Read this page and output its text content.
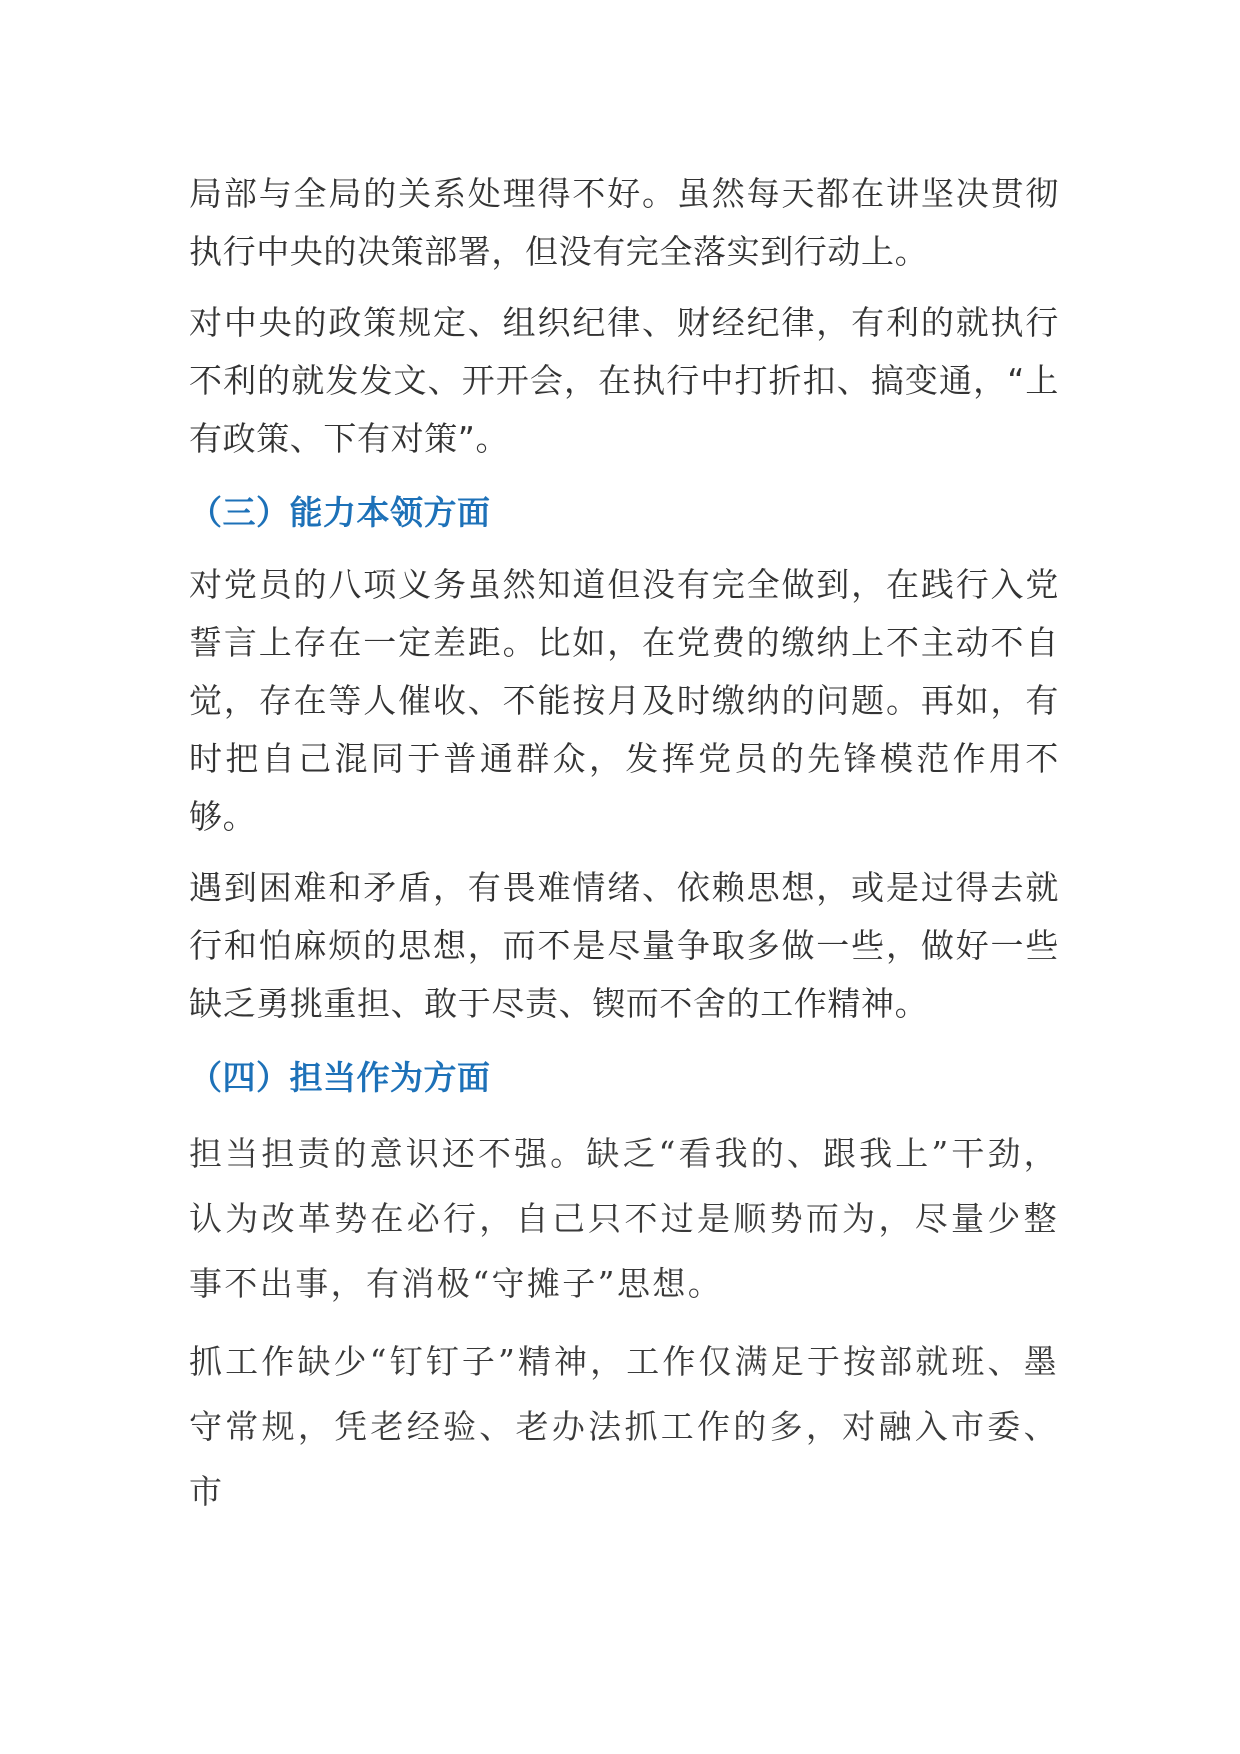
局部与全局的关系处理得不好。虽然每天都在讲坚决贯彻执行中央的决策部署，但没有完全落实到行动上。

对中央的政策规定、组织纪律、财经纪律，有利的就执行不利的就发发文、开开会，在执行中打折扣、搞变通，“上有政策、下有对策”。

（三）能力本领方面

对党员的八项义务虽然知道但没有完全做到，在践行入党誓言上存在一定差距。比如，在党费的缴纳上不主动不自觉，存在等人催收、不能按月及时缴纳的问题。再如，有时把自己混同于普通群众，发挥党员的先锋模范作用不够。

遇到困难和矛盾，有畏难情绪、依赖思想，或是过得去就行和怕麻烦的思想，而不是尽量争取多做一些，做好一些缺乏勇挑重担、敢于尽责、锲而不舍的工作精神。

（四）担当作为方面

担当担责的意识还不强。缺乏“看我的、跟我上”干劲，认为改革势在必行，自己只不过是顺势而为，尽量少整事不出事，有消极“守摊子”思想。

抓工作缺少“钉钉子”精神，工作仅满足于按部就班、墨守常规，凭老经验、老办法抓工作的多，对融入市委、市
